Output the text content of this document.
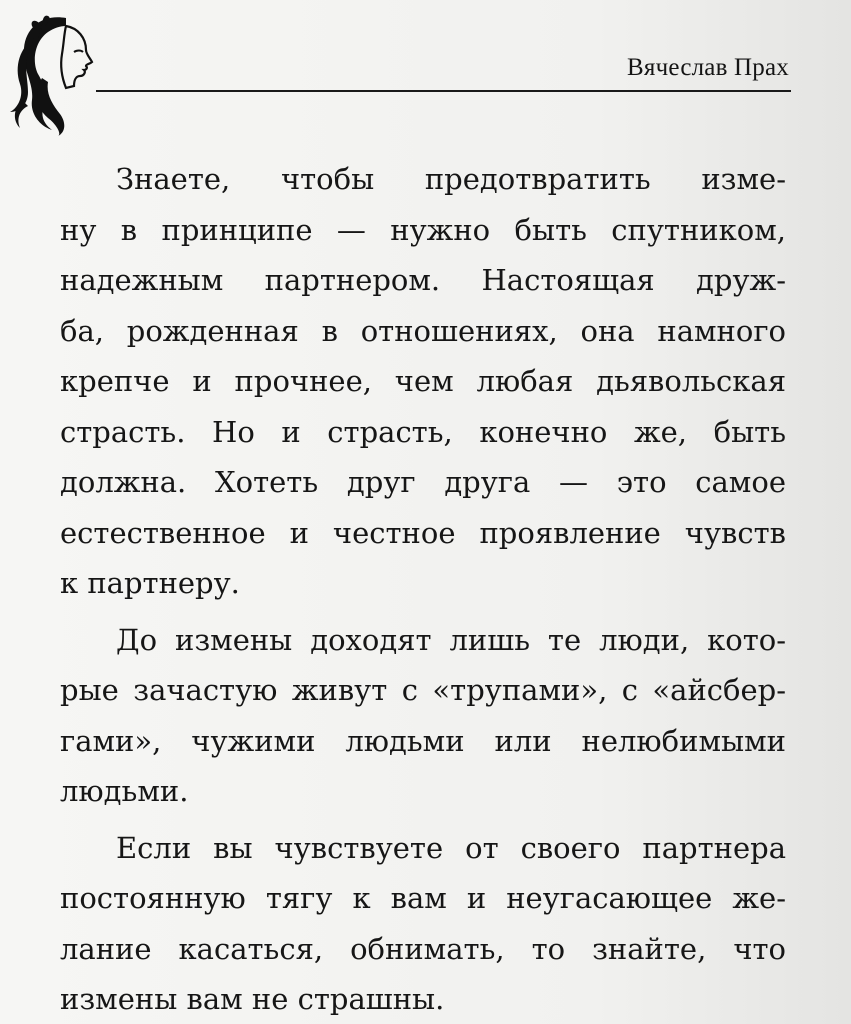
Вячеслав Прах
Знаете, чтобы предотвратить изме-
ну в принципе — нужно быть спутником,
надежным партнером. Настоящая друж-
ба, рожденная в отношениях, она намного
крепче и прочнее, чем любая дьявольская
страсть. Но и страсть, конечно же, быть
должна. Хотеть друг друга — это самое
естественное и честное проявление чувств
к партнеру.
До измены доходят лишь те люди, кото-
рые зачастую живут с «трупами», с «айсбер-
гами», чужими людьми или нелюбимыми
людьми.
Если вы чувствуете от своего партнера
постоянную тягу к вам и неугасающее же-
лание касаться, обнимать, то знайте, что
измены вам не страшны.
